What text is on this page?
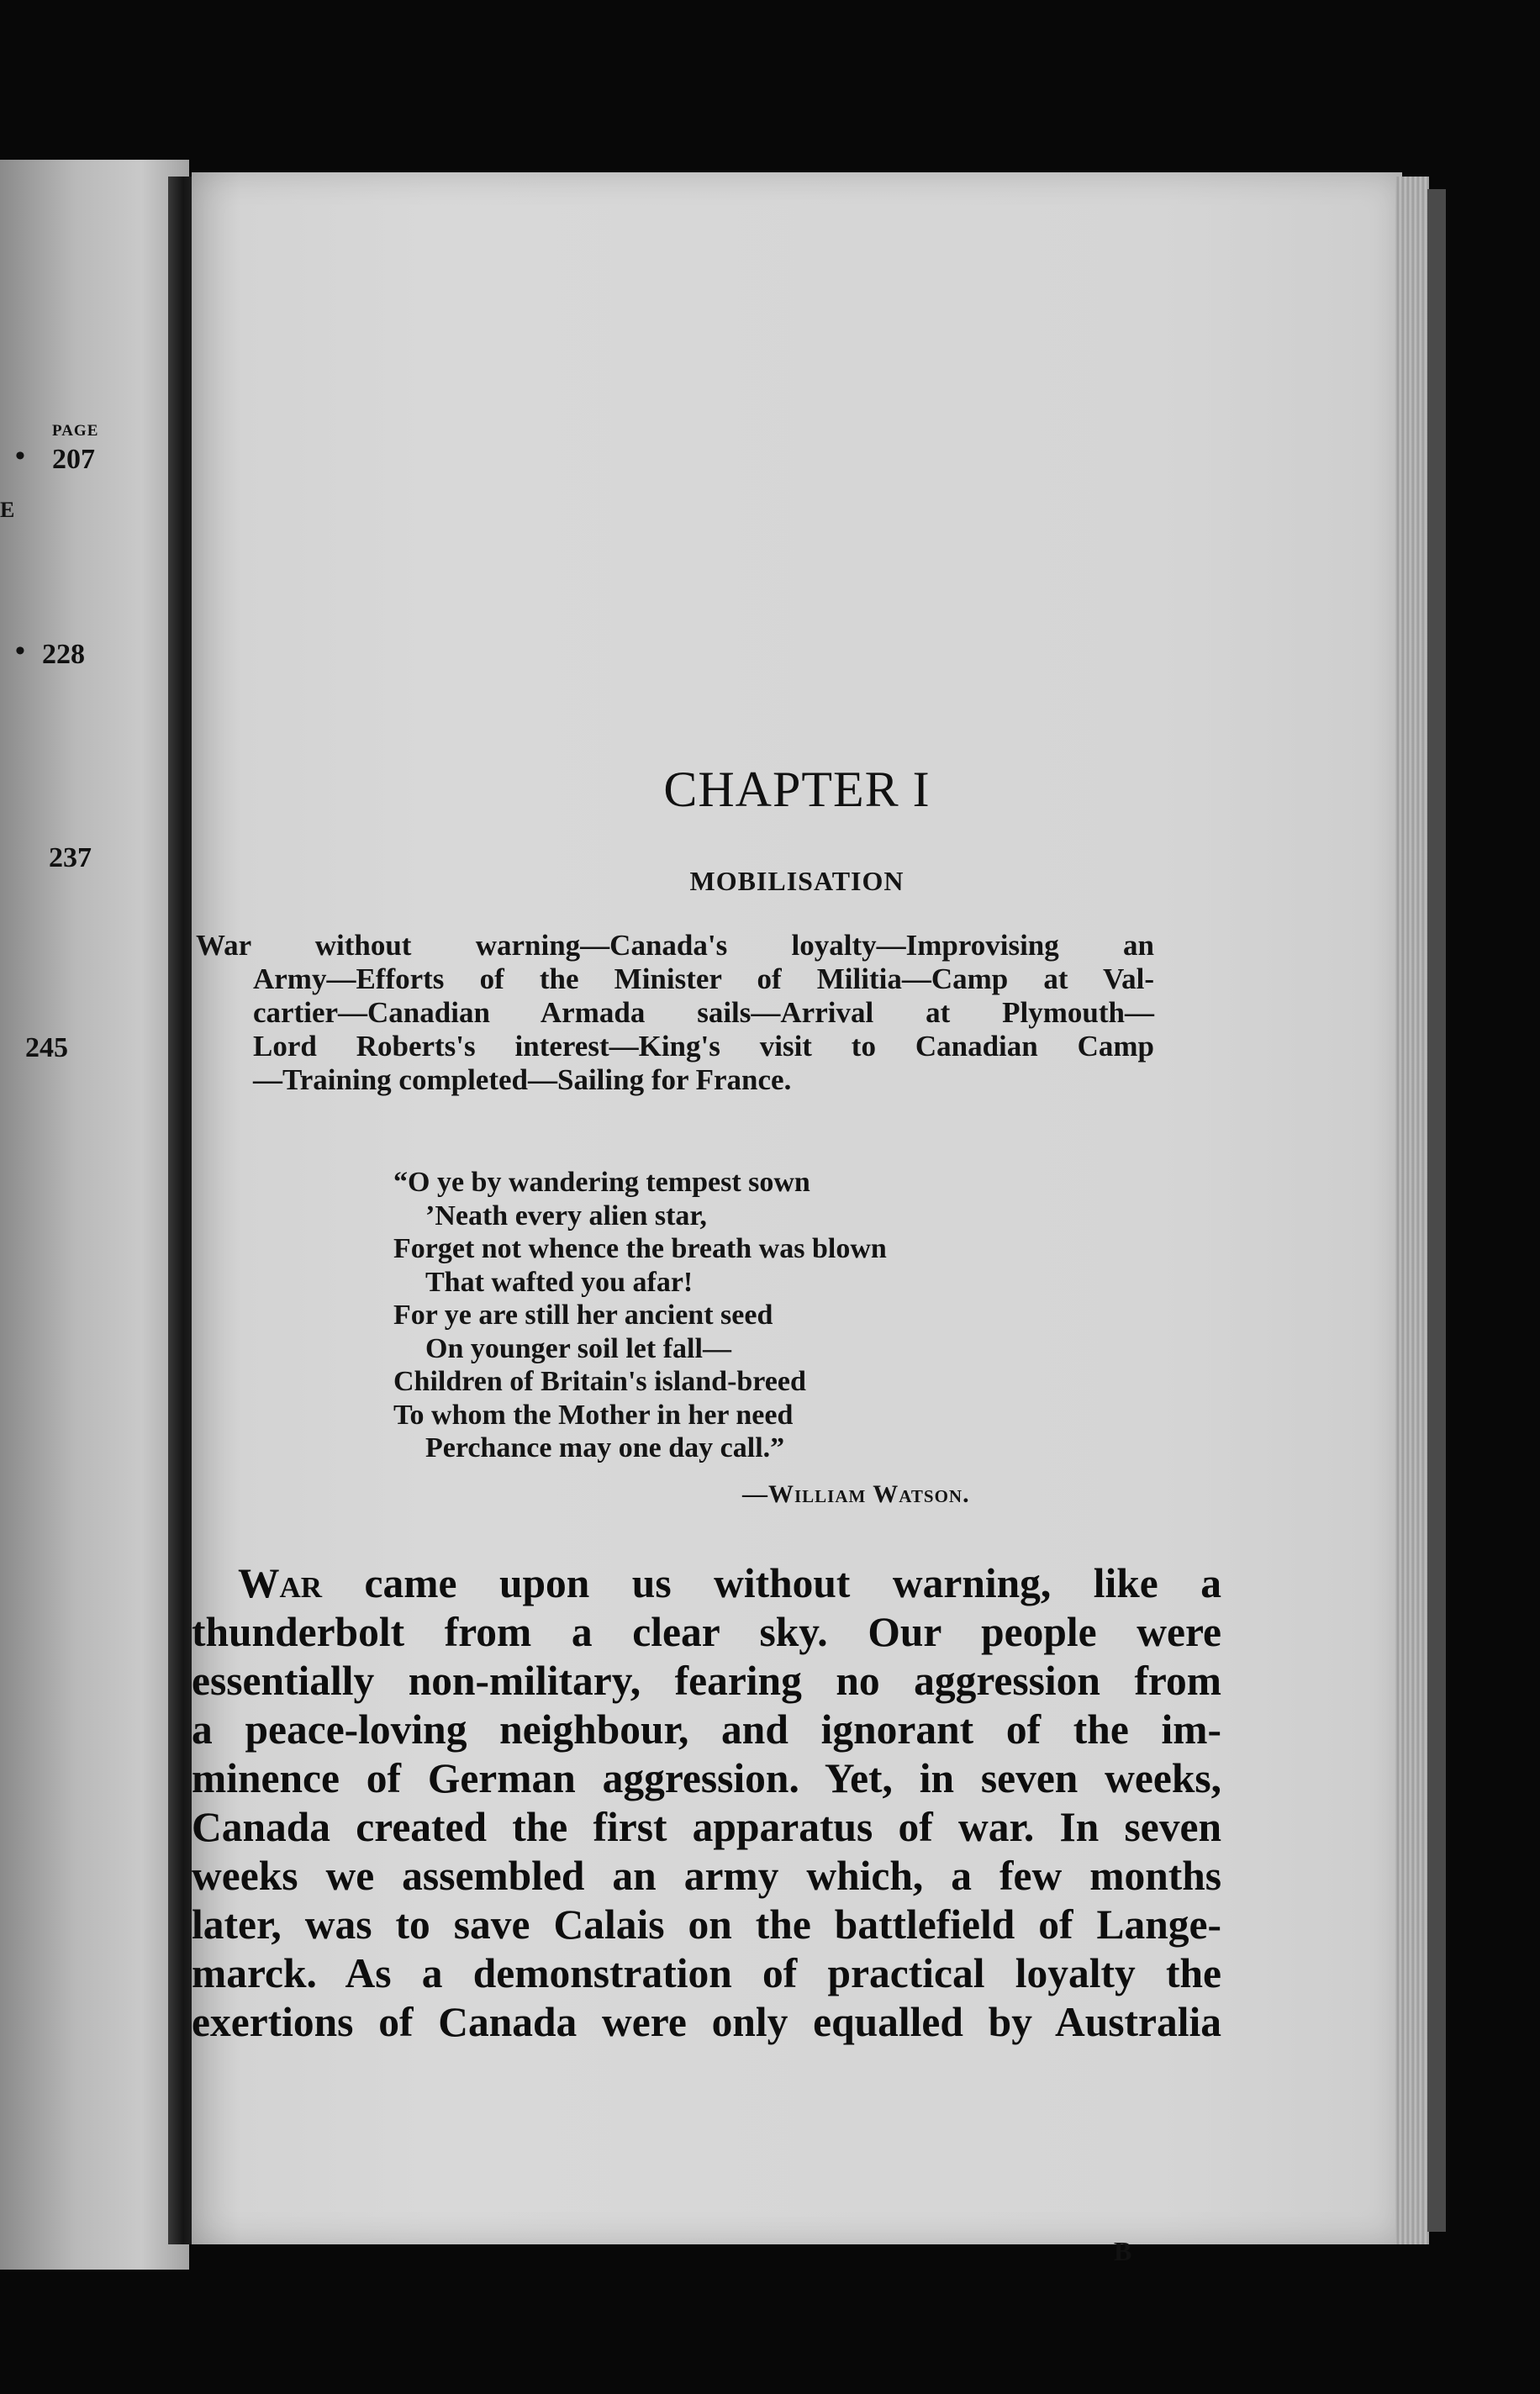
PAGE
• 207
E
• 228
237
245
CHAPTER I
MOBILISATION
War without warning—Canada's loyalty—Improvising an
Army—Efforts of the Minister of Militia—Camp at Val-
cartier—Canadian Armada sails—Arrival at Plymouth—
Lord Roberts's interest—King's visit to Canadian Camp
—Training completed—Sailing for France.
“O ye by wandering tempest sown
’Neath every alien star,
Forget not whence the breath was blown
That wafted you afar!
For ye are still her ancient seed
On younger soil let fall—
Children of Britain's island-breed
To whom the Mother in her need
Perchance may one day call.”
—William Watson.
War came upon us without warning, like a
thunderbolt from a clear sky. Our people were
essentially non-military, fearing no aggression from
a peace-loving neighbour, and ignorant of the im-
minence of German aggression. Yet, in seven weeks,
Canada created the first apparatus of war. In seven
weeks we assembled an army which, a few months
later, was to save Calais on the battlefield of Lange-
marck. As a demonstration of practical loyalty the
exertions of Canada were only equalled by Australia
B
